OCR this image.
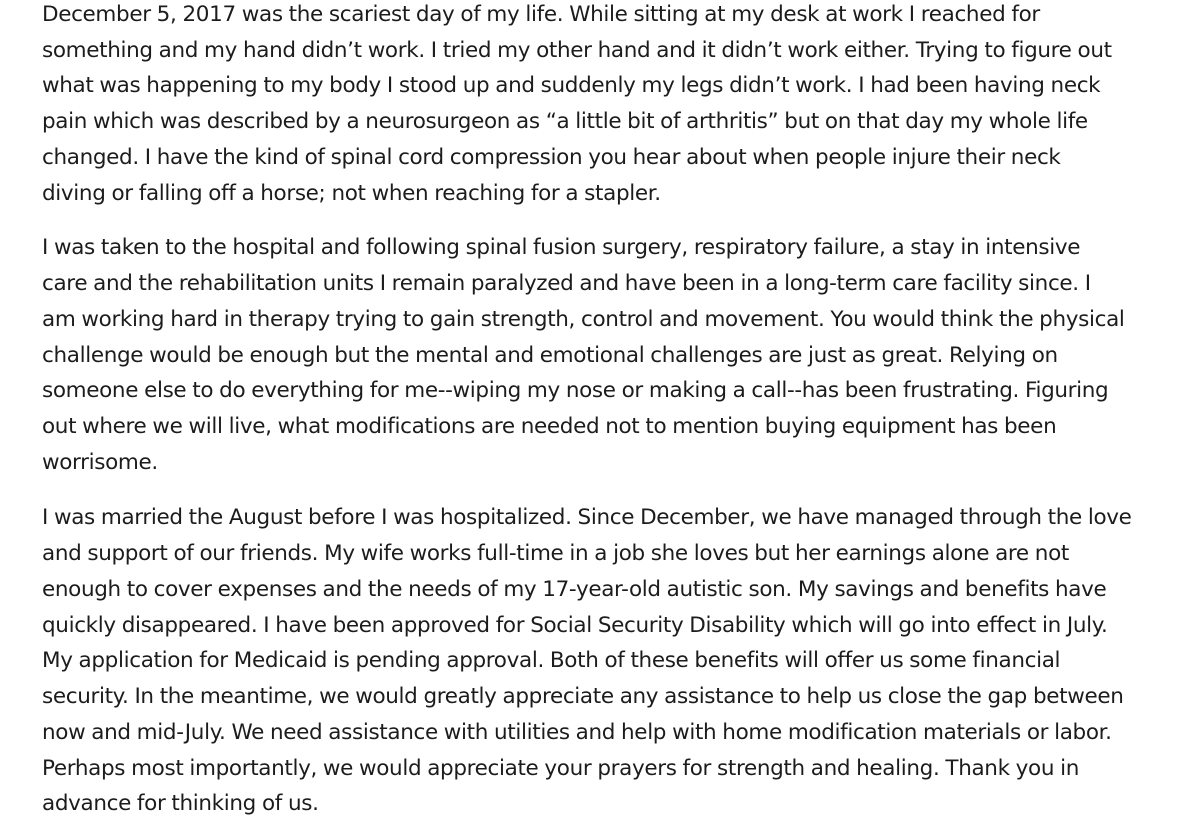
December 5, 2017 was the scariest day of my life. While sitting at my desk at work I reached for

something and my hand didn’t work. I tried my other hand and it didn’t work either. Trying to figure out

what was happening to my body I stood up and suddenly my legs didn’t work. I had been having neck

pain which was described by a neurosurgeon as “a little bit of arthritis” but on that day my whole life

changed. I have the kind of spinal cord compression you hear about when people injure their neck

diving or falling off a horse; not when reaching for a stapler.

I was taken to the hospital and following spinal fusion surgery, respiratory failure, a stay in intensive

care and the rehabilitation units I remain paralyzed and have been in a long-term care facility since. I

am working hard in therapy trying to gain strength, control and movement. You would think the physical

challenge would be enough but the mental and emotional challenges are just as great. Relying on

someone else to do everything for me--wiping my nose or making a call--has been frustrating. Figuring

out where we will live, what modifications are needed not to mention buying equipment has been

worrisome.

I was married the August before I was hospitalized. Since December, we have managed through the love

and support of our friends. My wife works full-time in a job she loves but her earnings alone are not

enough to cover expenses and the needs of my 17-year-old autistic son. My savings and benefits have

quickly disappeared. I have been approved for Social Security Disability which will go into effect in July.

My application for Medicaid is pending approval. Both of these benefits will offer us some financial

security. In the meantime, we would greatly appreciate any assistance to help us close the gap between

now and mid-July. We need assistance with utilities and help with home modification materials or labor.

Perhaps most importantly, we would appreciate your prayers for strength and healing. Thank you in

advance for thinking of us.
